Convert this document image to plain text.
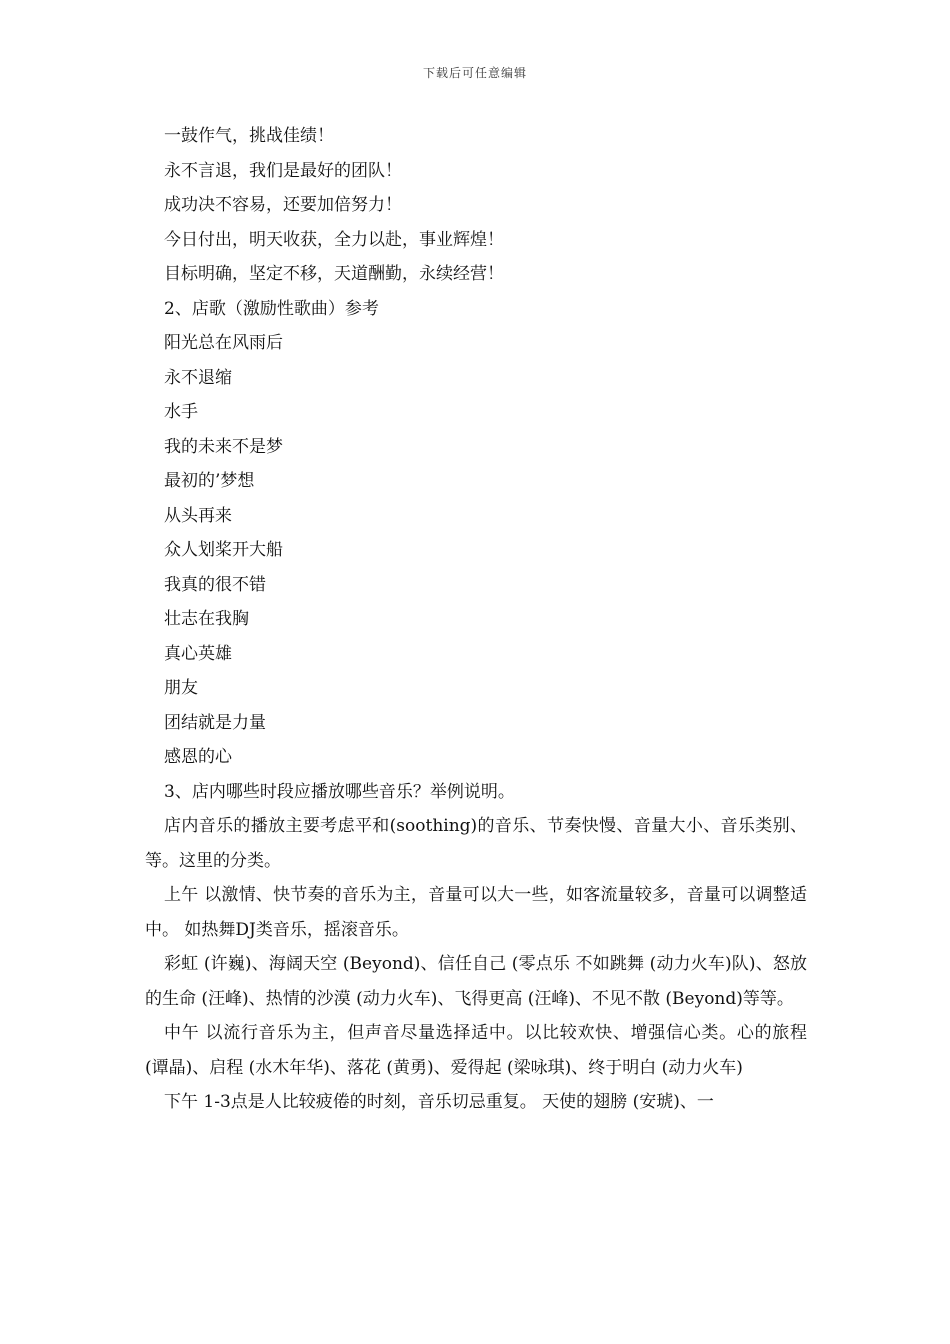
下载后可任意编辑
一鼓作气，挑战佳绩！
永不言退，我们是最好的团队！
成功决不容易，还要加倍努力！
今日付出，明天收获，全力以赴，事业辉煌！
目标明确，坚定不移，天道酬勤，永续经营！
2、店歌（激励性歌曲）参考
阳光总在风雨后
永不退缩
水手
我的未来不是梦
最初的’梦想
从头再来
众人划桨开大船
我真的很不错
壮志在我胸
真心英雄
朋友
团结就是力量
感恩的心
3、店内哪些时段应播放哪些音乐？举例说明。
店内音乐的播放主要考虑平和(soothing)的音乐、节奏快慢、音量大小、音乐类别、等。这里的分类。
上午 以激情、快节奏的音乐为主，音量可以大一些，如客流量较多，音量可以调整适中。 如热舞DJ类音乐，摇滚音乐。
彩虹 (许巍)、海阔天空 (Beyond)、信任自己 (零点乐 不如跳舞 (动力火车)队)、怒放的生命 (汪峰)、热情的沙漠 (动力火车)、飞得更高 (汪峰)、不见不散 (Beyond)等等。
中午 以流行音乐为主，但声音尽量选择适中。以比较欢快、增强信心类。心的旅程 (谭晶)、启程 (水木年华)、落花 (黄勇)、爱得起 (梁咏琪)、终于明白 (动力火车)
下午 1-3点是人比较疲倦的时刻，音乐切忌重复。 天使的翅膀 (安琥)、一
